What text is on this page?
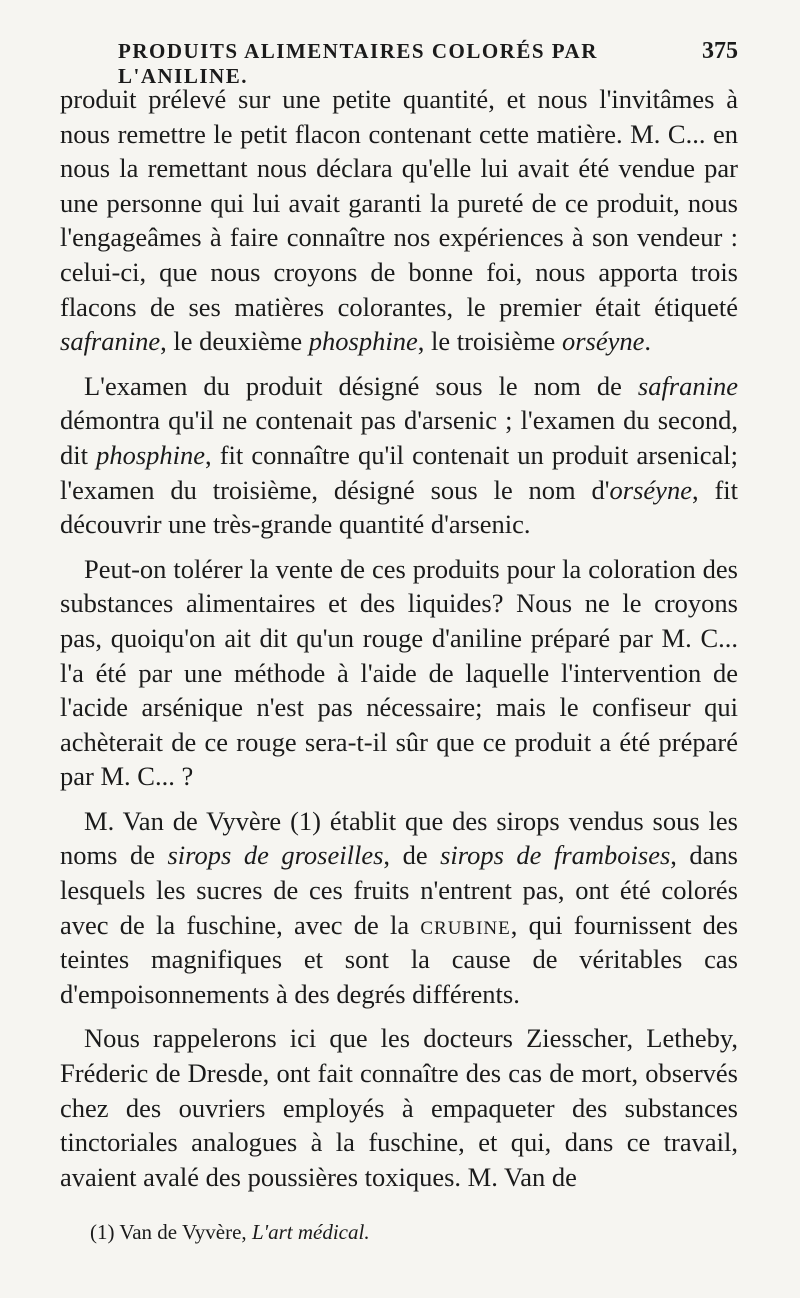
PRODUITS ALIMENTAIRES COLORÉS PAR L'ANILINE.
375

produit prélevé sur une petite quantité, et nous l'invitâmes à nous remettre le petit flacon contenant cette matière. M. C... en nous la remettant nous déclara qu'elle lui avait été vendue par une personne qui lui avait garanti la pureté de ce produit, nous l'engageâmes à faire connaître nos expériences à son vendeur : celui-ci, que nous croyons de bonne foi, nous apporta trois flacons de ses matières colorantes, le premier était étiqueté safranine, le deuxième phosphine, le troisième orséyne.

L'examen du produit désigné sous le nom de safranine démontra qu'il ne contenait pas d'arsenic ; l'examen du second, dit phosphine, fit connaître qu'il contenait un produit arsenical; l'examen du troisième, désigné sous le nom d'orséyne, fit découvrir une très-grande quantité d'arsenic.

Peut-on tolérer la vente de ces produits pour la coloration des substances alimentaires et des liquides? Nous ne le croyons pas, quoiqu'on ait dit qu'un rouge d'aniline préparé par M. C... l'a été par une méthode à l'aide de laquelle l'intervention de l'acide arsénique n'est pas nécessaire; mais le confiseur qui achèterait de ce rouge sera-t-il sûr que ce produit a été préparé par M. C... ?

M. Van de Vyvère (1) établit que des sirops vendus sous les noms de sirops de groseilles, de sirops de framboises, dans lesquels les sucres de ces fruits n'entrent pas, ont été colorés avec de la fuschine, avec de la crubine, qui fournissent des teintes magnifiques et sont la cause de véritables cas d'empoisonnements à des degrés différents.

Nous rappelerons ici que les docteurs Ziesscher, Letheby, Fréderic de Dresde, ont fait connaître des cas de mort, observés chez des ouvriers employés à empaqueter des substances tinctoriales analogues à la fuschine, et qui, dans ce travail, avaient avalé des poussières toxiques. M. Van de

(1) Van de Vyvère, L'art médical.
